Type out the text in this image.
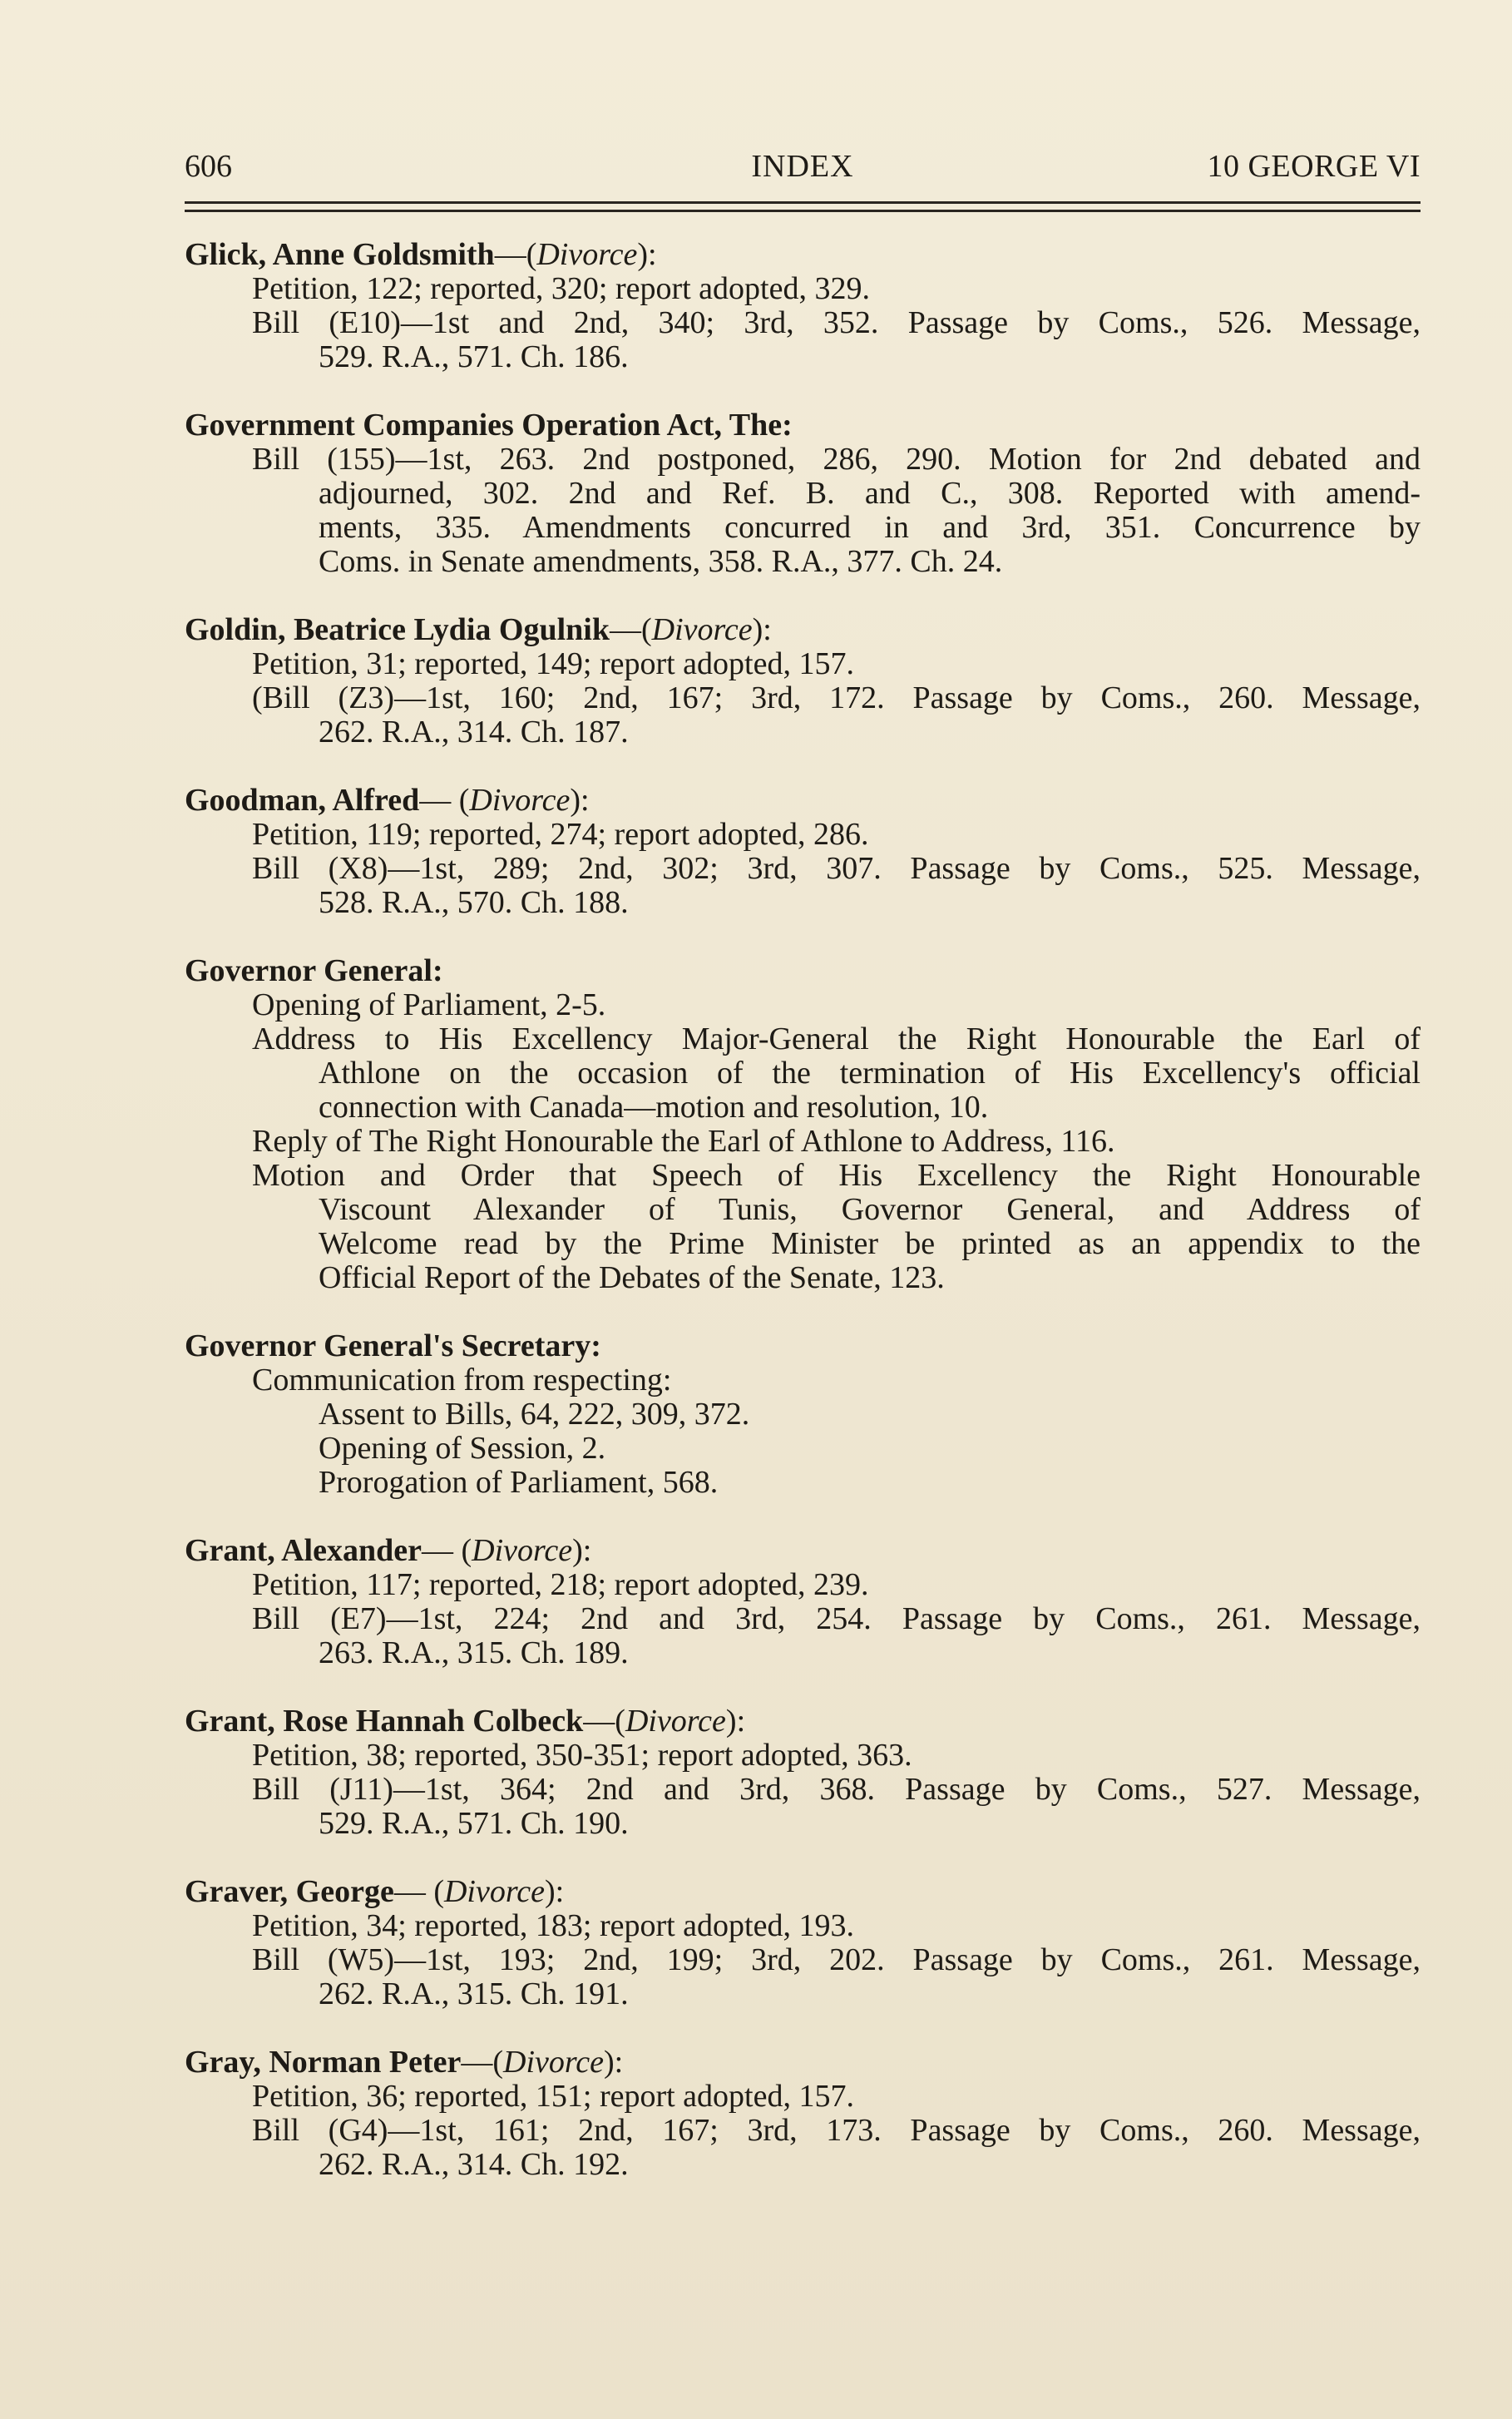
606	INDEX	10 GEORGE VI
Glick, Anne Goldsmith—(Divorce):
Petition, 122; reported, 320; report adopted, 329.
Bill (E10)—1st and 2nd, 340; 3rd, 352. Passage by Coms., 526. Message,
529. R.A., 571. Ch. 186.
Government Companies Operation Act, The:
Bill (155)—1st, 263. 2nd postponed, 286, 290. Motion for 2nd debated and
adjourned, 302. 2nd and Ref. B. and C., 308. Reported with amend-
ments, 335. Amendments concurred in and 3rd, 351. Concurrence by
Coms. in Senate amendments, 358. R.A., 377. Ch. 24.
Goldin, Beatrice Lydia Ogulnik—(Divorce):
Petition, 31; reported, 149; report adopted, 157.
(Bill (Z3)—1st, 160; 2nd, 167; 3rd, 172. Passage by Coms., 260. Message,
262. R.A., 314. Ch. 187.
Goodman, Alfred— (Divorce):
Petition, 119; reported, 274; report adopted, 286.
Bill (X8)—1st, 289; 2nd, 302; 3rd, 307. Passage by Coms., 525. Message,
528. R.A., 570. Ch. 188.
Governor General:
Opening of Parliament, 2-5.
Address to His Excellency Major-General the Right Honourable the Earl of
Athlone on the occasion of the termination of His Excellency's official
connection with Canada—motion and resolution, 10.
Reply of The Right Honourable the Earl of Athlone to Address, 116.
Motion and Order that Speech of His Excellency the Right Honourable
Viscount Alexander of Tunis, Governor General, and Address of
Welcome read by the Prime Minister be printed as an appendix to the
Official Report of the Debates of the Senate, 123.
Governor General's Secretary:
Communication from respecting:
Assent to Bills, 64, 222, 309, 372.
Opening of Session, 2.
Prorogation of Parliament, 568.
Grant, Alexander— (Divorce):
Petition, 117; reported, 218; report adopted, 239.
Bill (E7)—1st, 224; 2nd and 3rd, 254. Passage by Coms., 261. Message,
263. R.A., 315. Ch. 189.
Grant, Rose Hannah Colbeck—(Divorce):
Petition, 38; reported, 350-351; report adopted, 363.
Bill (J11)—1st, 364; 2nd and 3rd, 368. Passage by Coms., 527. Message,
529. R.A., 571. Ch. 190.
Graver, George— (Divorce):
Petition, 34; reported, 183; report adopted, 193.
Bill (W5)—1st, 193; 2nd, 199; 3rd, 202. Passage by Coms., 261. Message,
262. R.A., 315. Ch. 191.
Gray, Norman Peter—(Divorce):
Petition, 36; reported, 151; report adopted, 157.
Bill (G4)—1st, 161; 2nd, 167; 3rd, 173. Passage by Coms., 260. Message,
262. R.A., 314. Ch. 192.
